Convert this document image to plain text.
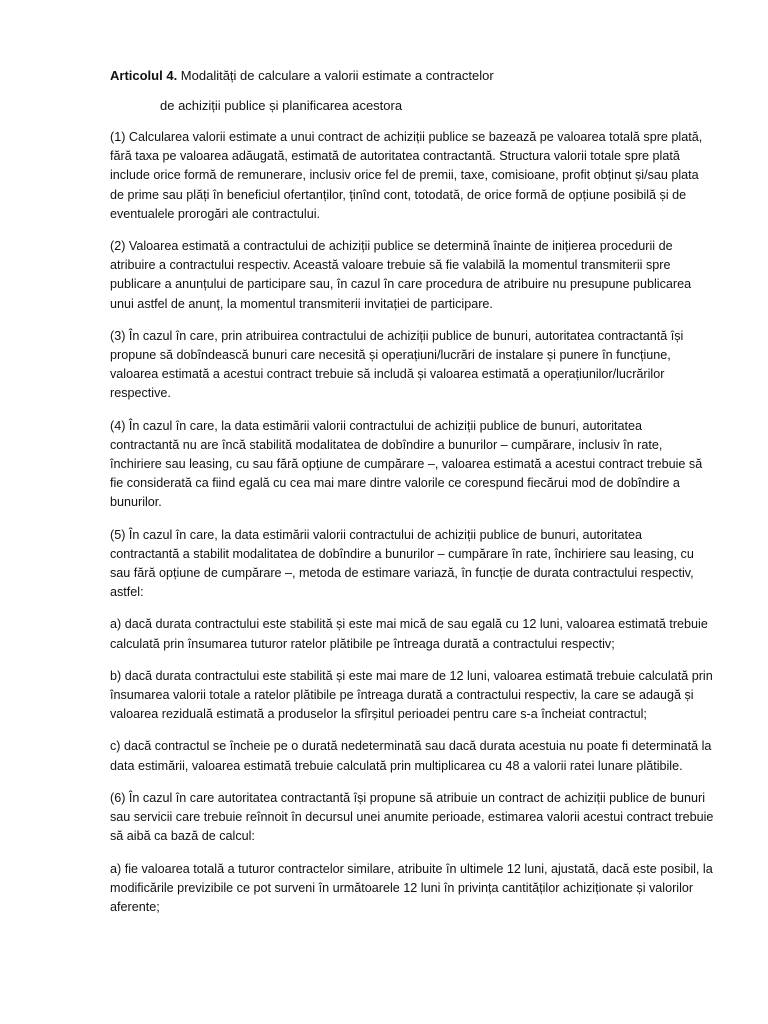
Articolul 4. Modalități de calculare a valorii estimate a contractelor

de achiziții publice și planificarea acestora

(1) Calcularea valorii estimate a unui contract de achiziții publice se bazează pe valoarea totală spre plată, fără taxa pe valoarea adăugată, estimată de autoritatea contractantă. Structura valorii totale spre plată include orice formă de remunerare, inclusiv orice fel de premii, taxe, comisioane, profit obținut și/sau plata de prime sau plăți în beneficiul ofertanților, ținînd cont, totodată, de orice formă de opțiune posibilă și de eventualele prorogări ale contractului.

(2) Valoarea estimată a contractului de achiziții publice se determină înainte de inițierea procedurii de atribuire a contractului respectiv. Această valoare trebuie să fie valabilă la momentul transmiterii spre publicare a anunțului de participare sau, în cazul în care procedura de atribuire nu presupune publicarea unui astfel de anunț, la momentul transmiterii invitației de participare.

(3) În cazul în care, prin atribuirea contractului de achiziții publice de bunuri, autoritatea contractantă își propune să dobîndească bunuri care necesită și operațiuni/lucrări de instalare și punere în funcțiune, valoarea estimată a acestui contract trebuie să includă și valoarea estimată a operațiunilor/lucrărilor respective.

(4) În cazul în care, la data estimării valorii contractului de achiziții publice de bunuri, autoritatea contractantă nu are încă stabilită modalitatea de dobîndire a bunurilor – cumpărare, inclusiv în rate, închiriere sau leasing, cu sau fără opțiune de cumpărare –, valoarea estimată a acestui contract trebuie să fie considerată ca fiind egală cu cea mai mare dintre valorile ce corespund fiecărui mod de dobîndire a bunurilor.

(5) În cazul în care, la data estimării valorii contractului de achiziții publice de bunuri, autoritatea contractantă a stabilit modalitatea de dobîndire a bunurilor – cumpărare în rate, închiriere sau leasing, cu sau fără opțiune de cumpărare –, metoda de estimare variază, în funcție de durata contractului respectiv, astfel:

a) dacă durata contractului este stabilită și este mai mică de sau egală cu 12 luni, valoarea estimată trebuie calculată prin însumarea tuturor ratelor plătibile pe întreaga durată a contractului respectiv;

b) dacă durata contractului este stabilită și este mai mare de 12 luni, valoarea estimată trebuie calculată prin însumarea valorii totale a ratelor plătibile pe întreaga durată a contractului respectiv, la care se adaugă și valoarea reziduală estimată a produselor la sfîrșitul perioadei pentru care s-a încheiat contractul;

c) dacă contractul se încheie pe o durată nedeterminată sau dacă durata acestuia nu poate fi determinată la data estimării, valoarea estimată trebuie calculată prin multiplicarea cu 48 a valorii ratei lunare plătibile.

(6) În cazul în care autoritatea contractantă își propune să atribuie un contract de achiziții publice de bunuri sau servicii care trebuie reînnoit în decursul unei anumite perioade, estimarea valorii acestui contract trebuie să aibă ca bază de calcul:

a) fie valoarea totală a tuturor contractelor similare, atribuite în ultimele 12 luni, ajustată, dacă este posibil, la modificările previzibile ce pot surveni în următoarele 12 luni în privința cantităților achiziționate și valorilor aferente;
